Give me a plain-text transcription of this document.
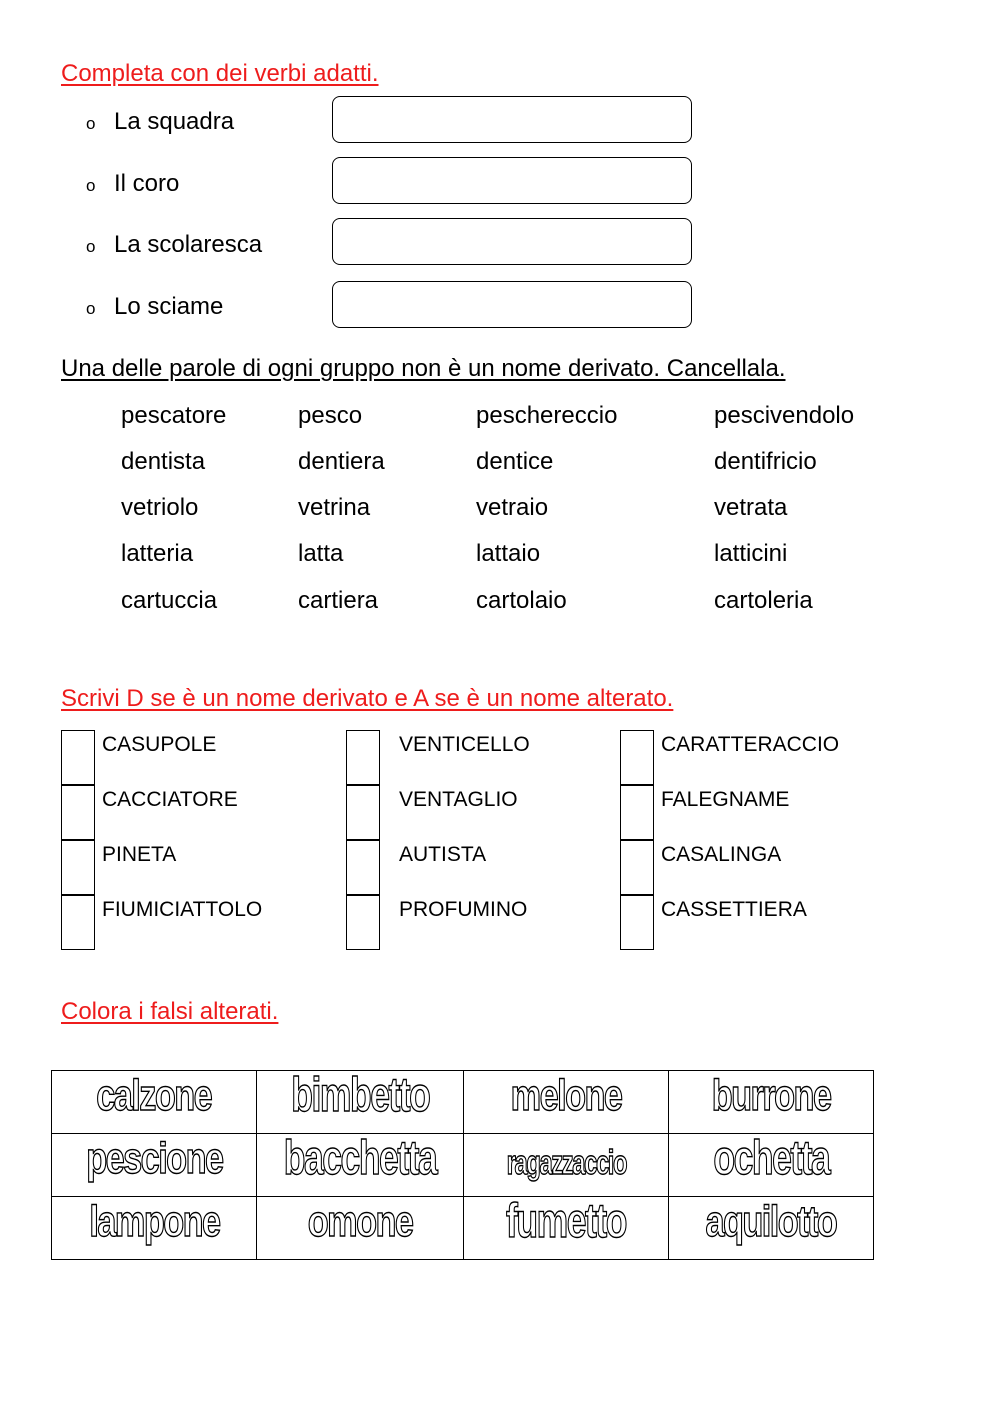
Completa con dei verbi adatti.
o La squadra
o Il coro
o La scolaresca
o Lo sciame
Una delle parole di ogni gruppo non è un nome derivato. Cancellala.
pescatore	pesco	peschereccio	pescivendolo
dentista	dentiera	dentice	dentifricio
vetriolo	vetrina	vetraio	vetrata
latteria	latta	lattaio	latticini
cartuccia	cartiera	cartolaio	cartoleria
Scrivi D se è un nome derivato e A se è un nome alterato.
CASUPOLE
CACCIATORE
PINETA
FIUMICIATTOLO
VENTICELLO
VENTAGLIO
AUTISTA
PROFUMINO
CARATTERACCIO
FALEGNAME
CASALINGA
CASSETTIERA
Colora i falsi alterati.
calzone	bimbetto	melone	burrone
pescione	bacchetta	ragazzaccio	ochetta
lampone	omone	fumetto	aquilotto
